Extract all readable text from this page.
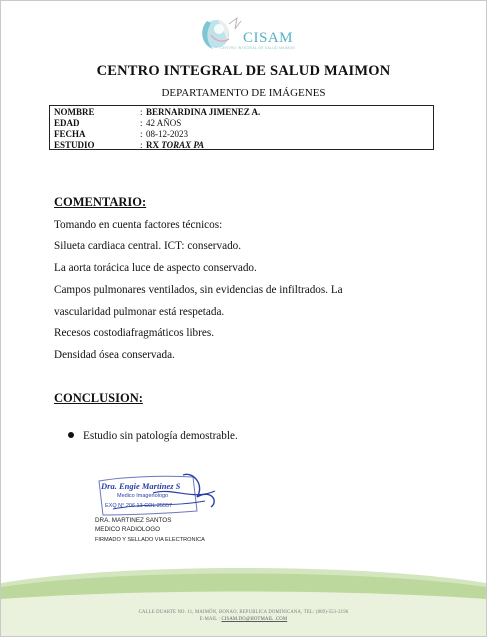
CISAM
CENTRO INTEGRAL DE SALUD MAIMON
CENTRO INTEGRAL DE SALUD MAIMON
DEPARTAMENTO DE IMÁGENES
NOMBRE	: BERNARDINA JIMENEZ A.
EDAD	: 42 AÑOS
FECHA	: 08-12-2023
ESTUDIO	: RX TORAX PA
COMENTARIO:
Tomando en cuenta factores técnicos:
Silueta cardiaca central. ICT: conservado.
La aorta torácica luce de aspecto conservado.
Campos pulmonares ventilados, sin evidencias de infiltrados. La
vascularidad pulmonar está respetada.
Recesos costodiafragmáticos libres.
Densidad ósea conservada.
CONCLUSION:
Estudio sin patología demostrable.
Dra. Engie Martinez S
Medico Imagenologo
EXQ N° 206 13 COL 25557
DRA. MARTINEZ SANTOS
MEDICO RADIOLOGO
FIRMADO Y SELLADO VIA ELECTRONICA
CALLE DUARTE NO. 11, MAIMÓN, BONAO, REPUBLICA DOMINICANA, TEL: (809)-551-2196
E-MAIL : CISAM.DO@HOTMAIL .COM
